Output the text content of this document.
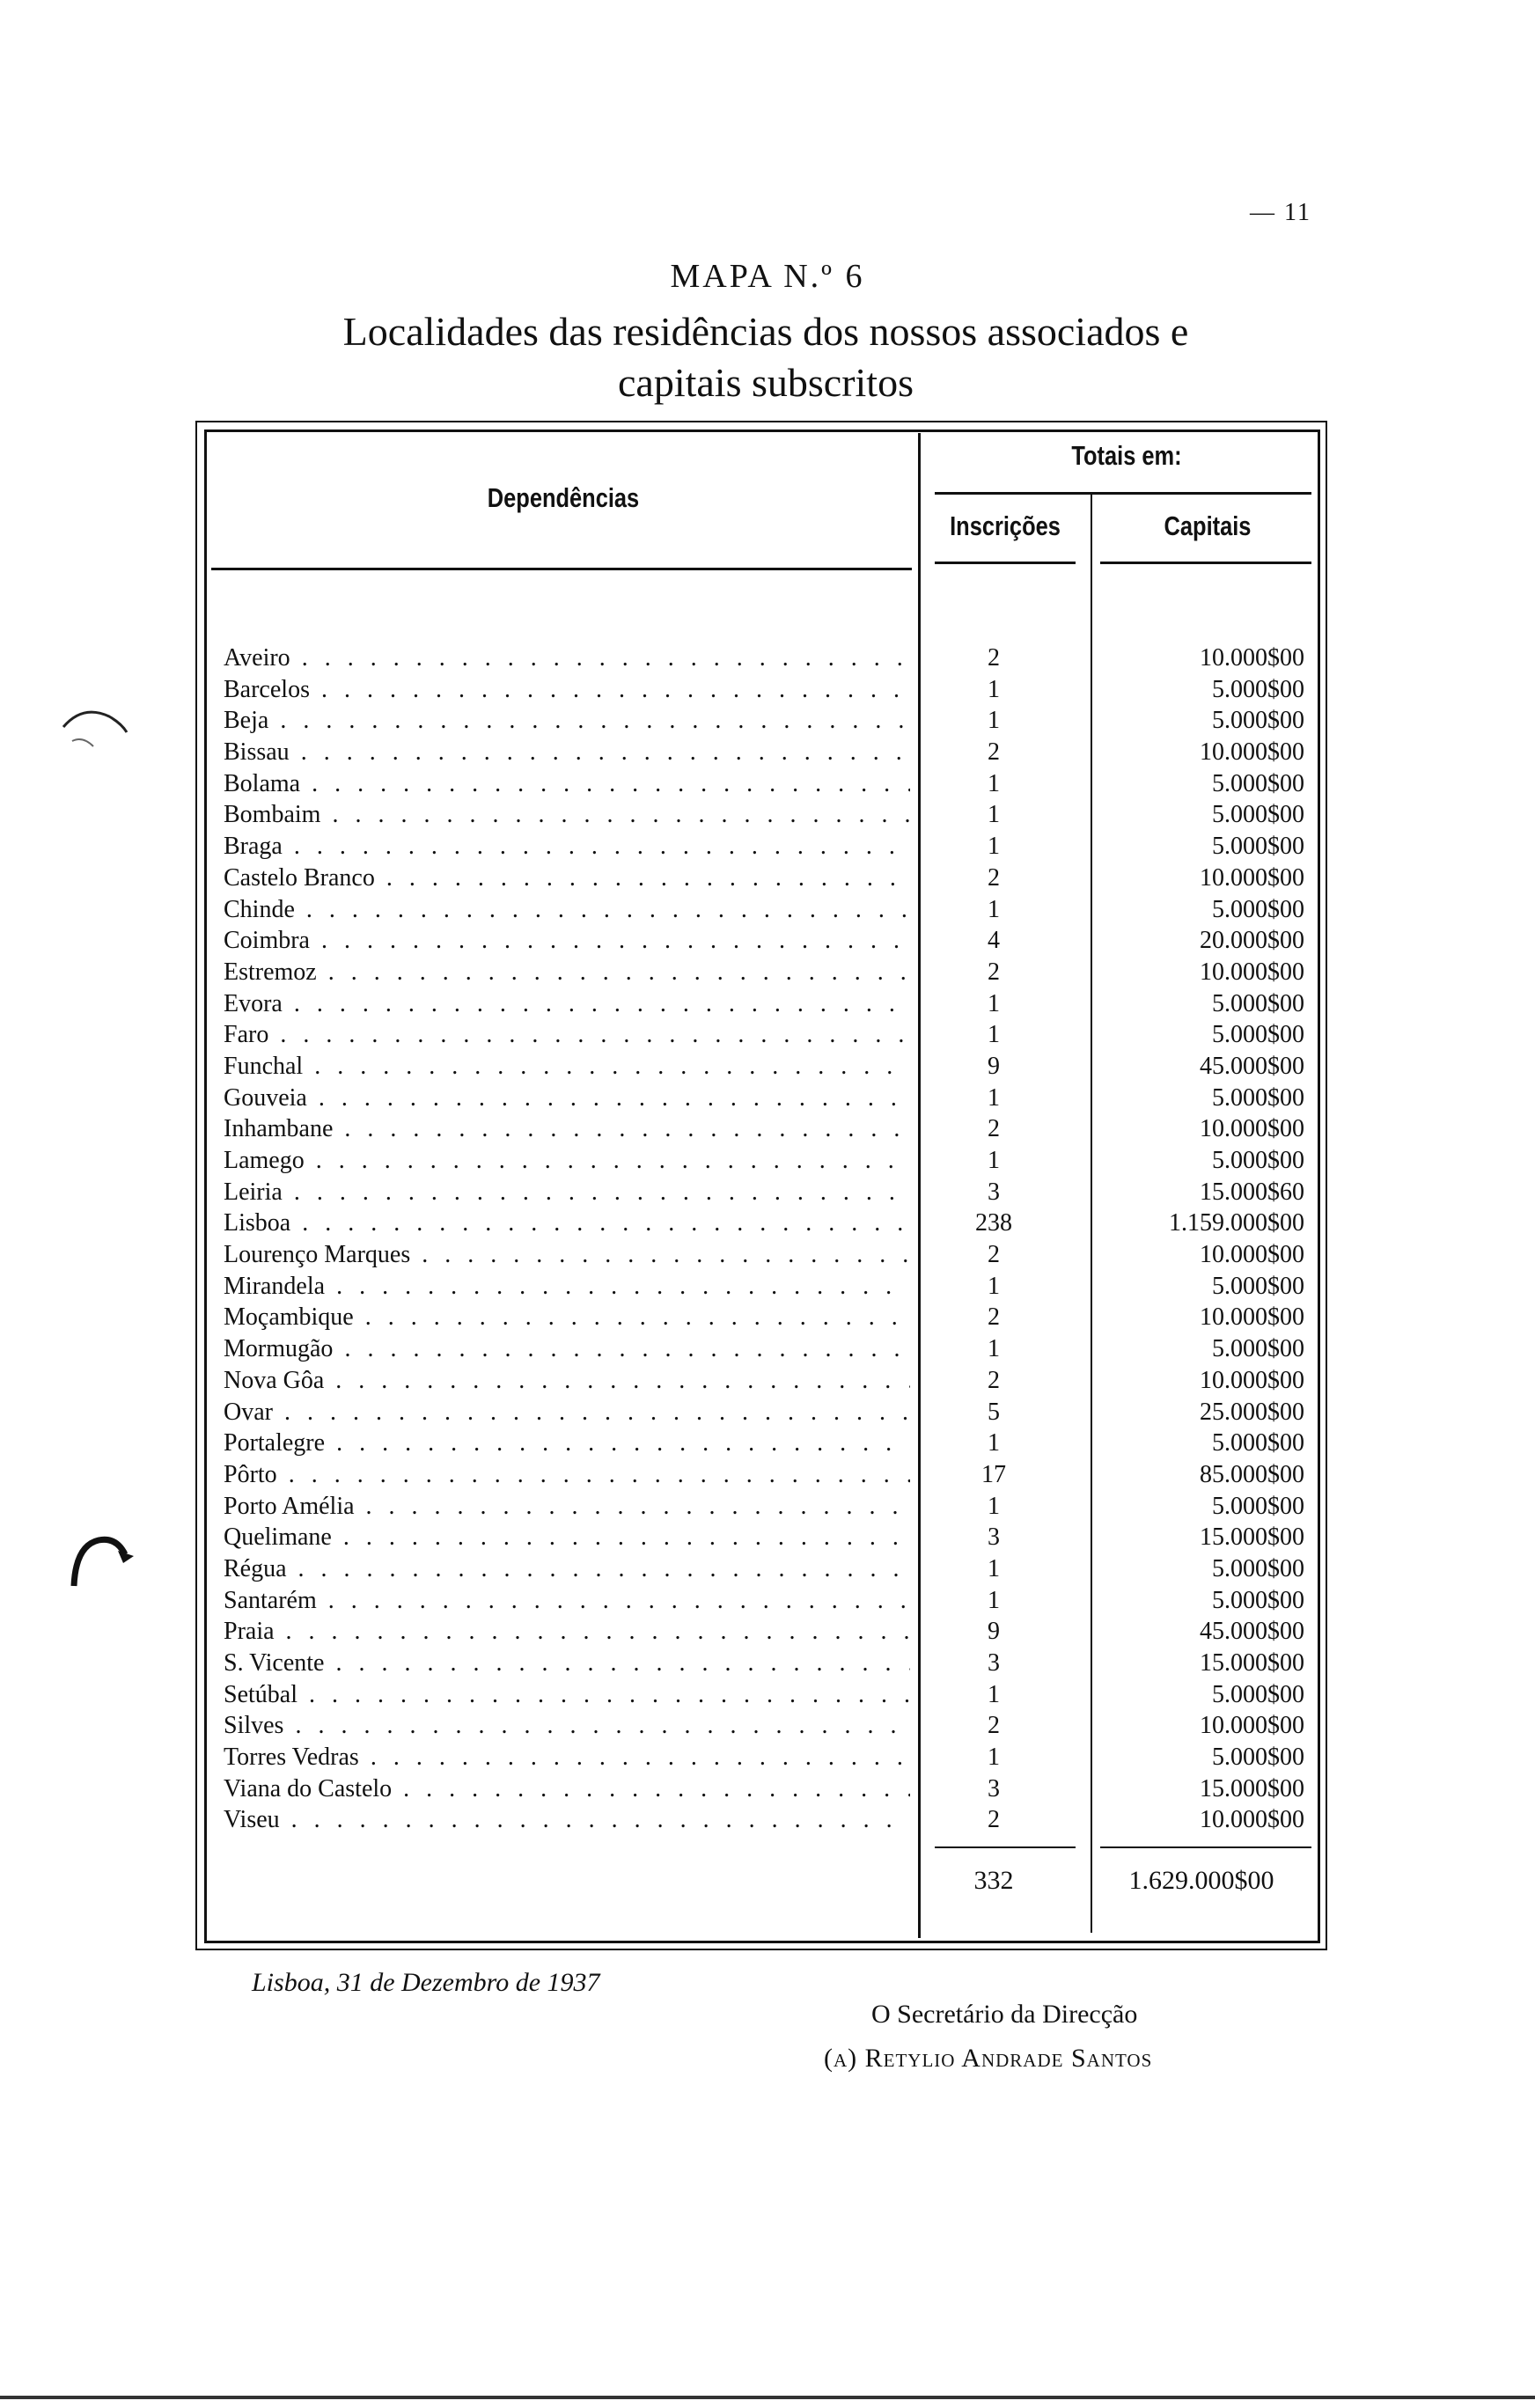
— 11
MAPA N.º 6
Localidades das residências dos nossos associados e
capitais subscritos
Dependências
Totais em:
Inscrições	Capitais
Aveiro . . .	2	10.000$00
Barcelos . . .	1	5.000$00
Beja . . .	1	5.000$00
Bissau . . .	2	10.000$00
Bolama . . .	1	5.000$00
Bombaim . . .	1	5.000$00
Braga . . .	1	5.000$00
Castelo Branco . . .	2	10.000$00
Chinde . . .	1	5.000$00
Coimbra . . .	4	20.000$00
Estremoz . . .	2	10.000$00
Evora . . .	1	5.000$00
Faro . . .	1	5.000$00
Funchal . . .	9	45.000$00
Gouveia . . .	1	5.000$00
Inhambane . . .	2	10.000$00
Lamego . . .	1	5.000$00
Leiria . . .	3	15.000$60
Lisboa . . .	238	1.159.000$00
Lourenço Marques . . .	2	10.000$00
Mirandela . . .	1	5.000$00
Moçambique . . .	2	10.000$00
Mormugão . . .	1	5.000$00
Nova Gôa . . .	2	10.000$00
Ovar . . .	5	25.000$00
Portalegre . . .	1	5.000$00
Pôrto . . .	17	85.000$00
Porto Amélia . . .	1	5.000$00
Quelimane . . .	3	15.000$00
Régua . . .	1	5.000$00
Santarém . . .	1	5.000$00
Praia . . .	9	45.000$00
S. Vicente . . .	3	15.000$00
Setúbal . . .	1	5.000$00
Silves . . .	2	10.000$00
Torres Vedras . . .	1	5.000$00
Viana do Castelo . . .	3	15.000$00
Viseu . . .	2	10.000$00
332	1.629.000$00
Lisboa, 31 de Dezembro de 1937
O Secretário da Direcção
(a) Retylio Andrade Santos
